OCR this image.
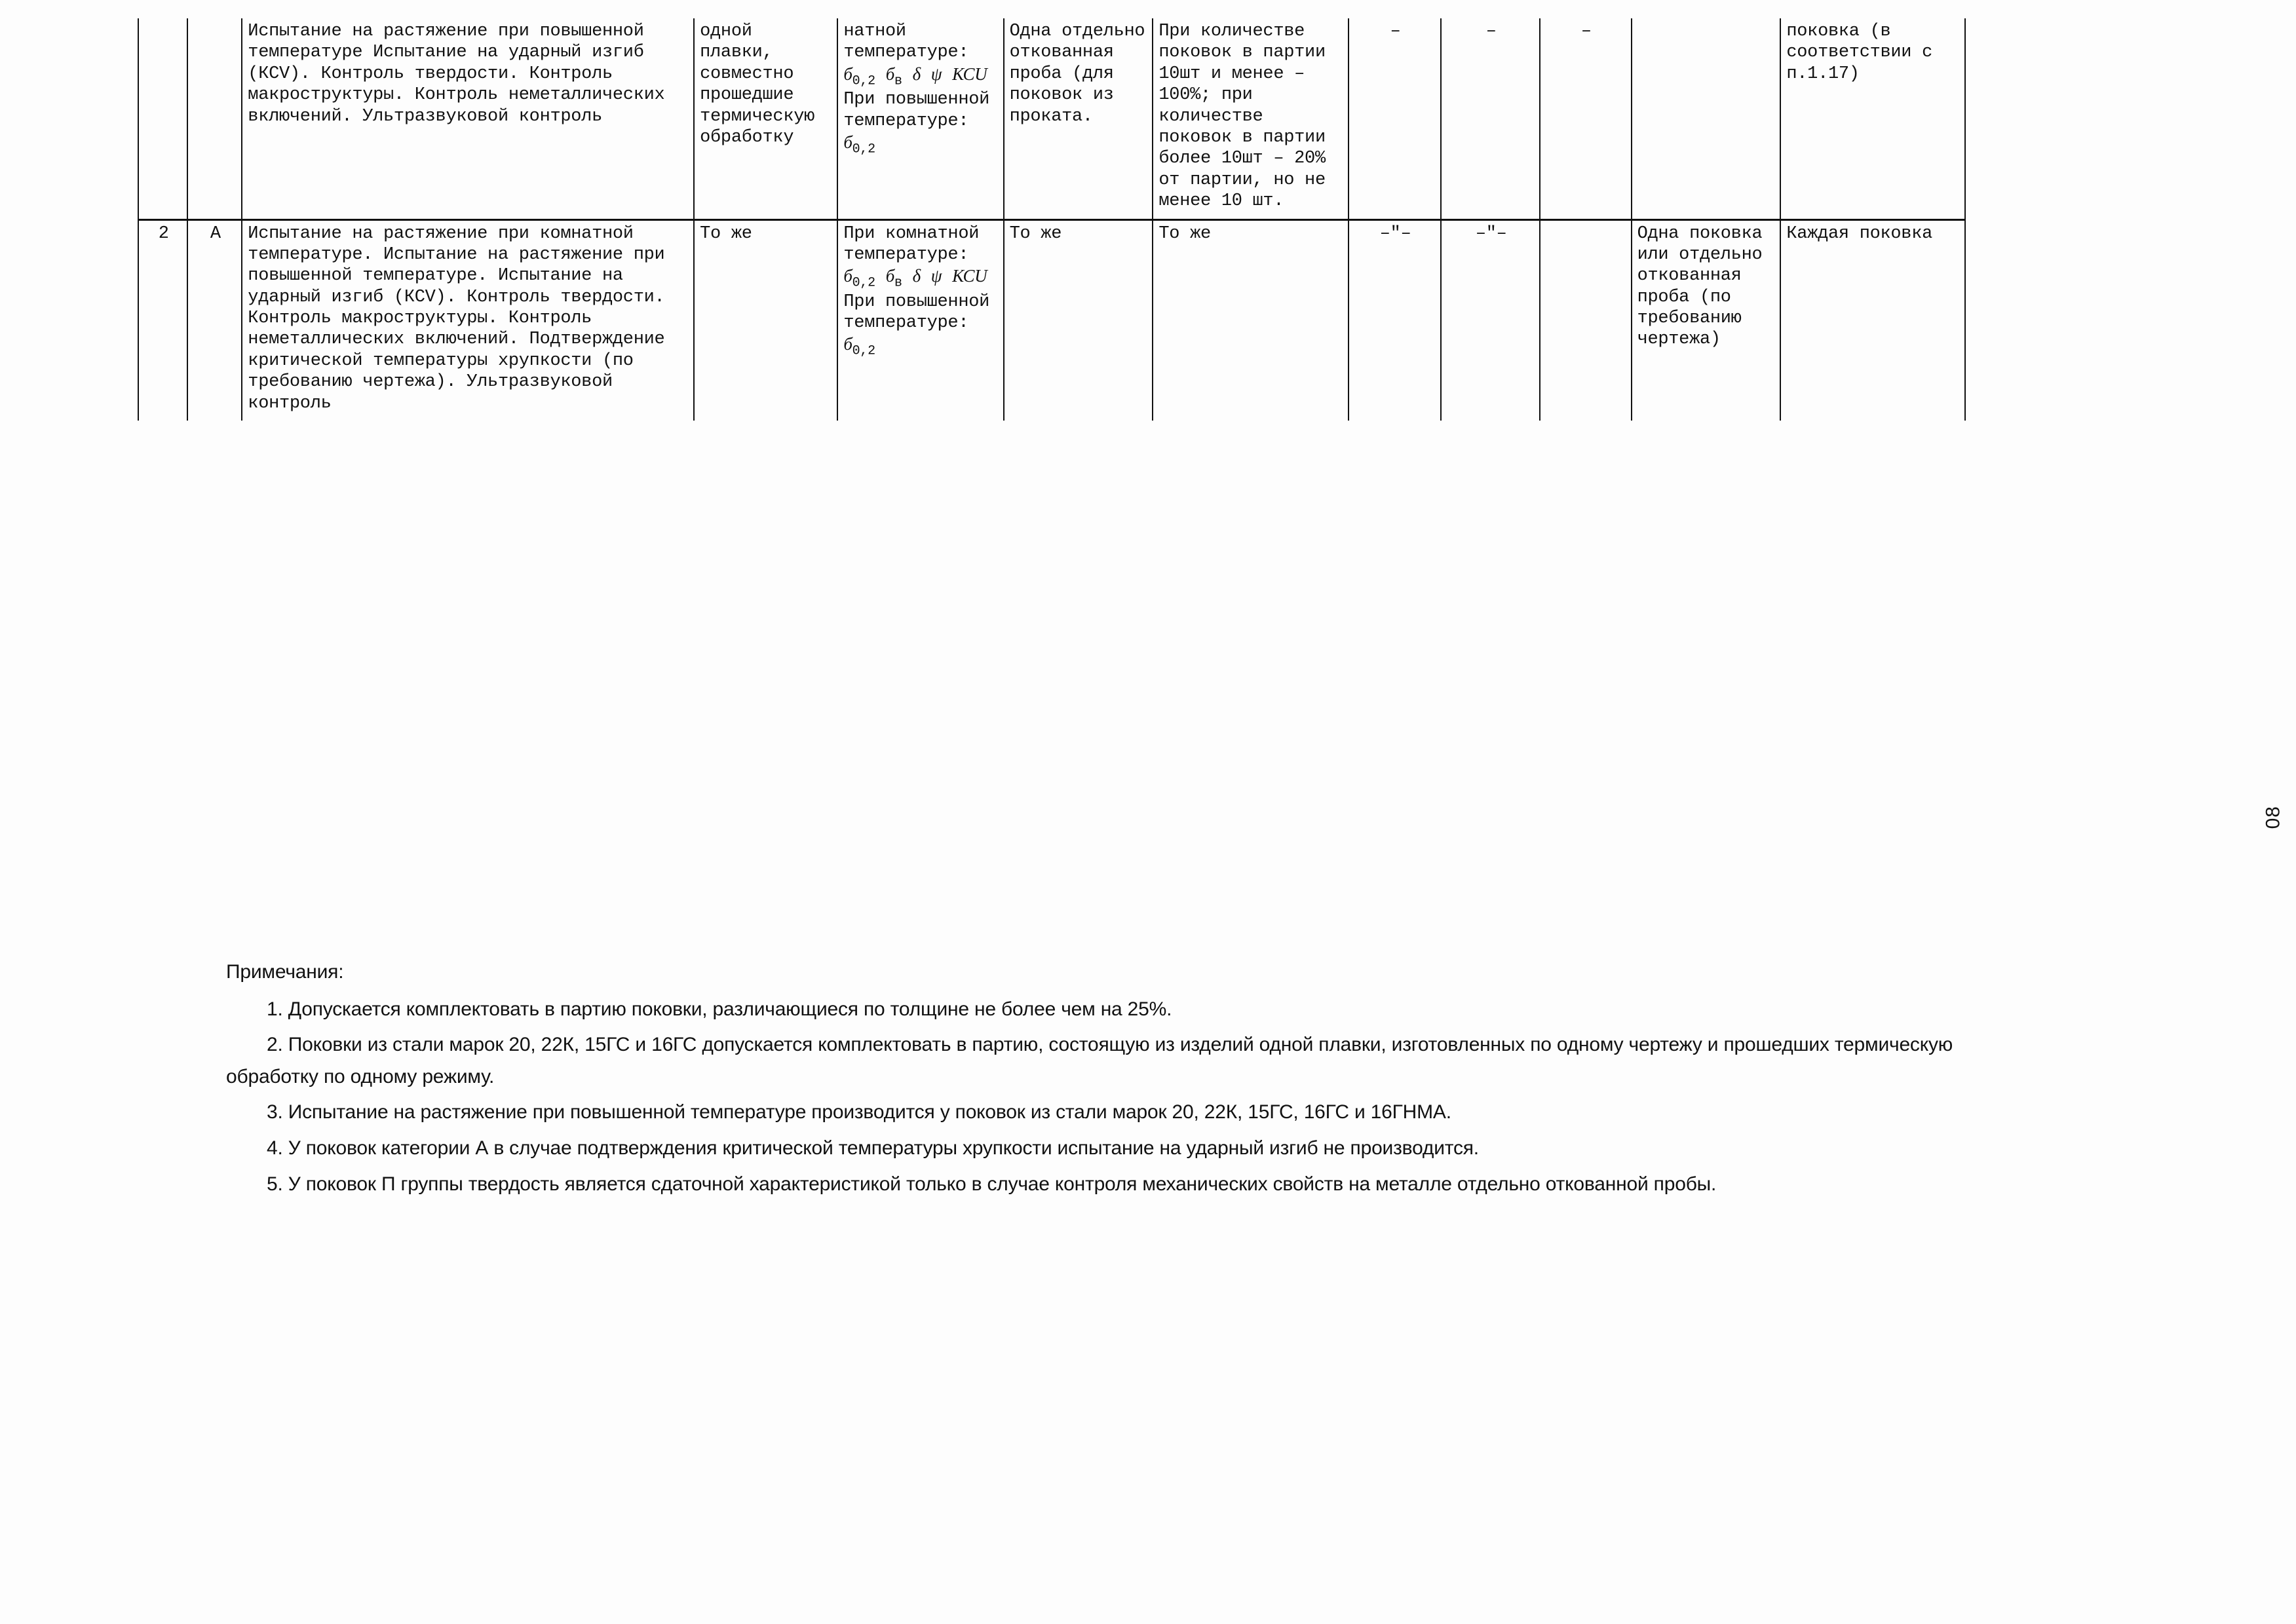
		Испытание на растяжение при повышенной температуре Испытание на ударный изгиб (КСV). Контроль твердости. Контроль макроструктуры. Контроль неметаллических включений. Ультразвуковой контроль	одной плавки, совместно прошедшие термическую обработку	натной температуре: $б_{0,2}$ $б_в$ δ ψ КСU При повышенной температуре: $б_{0,2}$	Одна отдельно откованная проба (для поковок из проката.	При количестве поковок в партии 10шт и менее – 100%; при количестве поковок в партии более 10шт – 20% от партии, но не менее 10 шт.	–	–	–		поковка (в соответствии с п.1.17)
2	А	Испытание на растяжение при комнатной температуре. Испытание на растяжение при повышенной температуре. Испытание на ударный изгиб (КСV). Контроль твердости. Контроль макроструктуры. Контроль неметаллических включений. Подтверждение критической температуры хрупкости (по требованию чертежа). Ультразвуковой контроль	То же	При комнатной температуре: $б_{0,2}$ $б_в$ δ ψ КСU При повышенной температуре: $б_{0,2}$	То же	То же	–"–	–"–		Одна поковка или отдельно откованная проба (по требованию чертежа)	Каждая поковка

Примечания:

1. Допускается комплектовать в партию поковки, различающиеся по толщине не более чем на 25%.

2. Поковки из стали марок 20, 22К, 15ГС и 16ГС допускается комплектовать в партию, состоящую из изделий одной плавки, изготовленных по одному чертежу и прошедших термическую обработку по одному режиму.

3. Испытание на растяжение при повышенной температуре производится у поковок из стали марок 20, 22К, 15ГС, 16ГС и 16ГНМА.

4. У поковок категории А в случае подтверждения критической температуры хрупкости испытание на ударный изгиб не производится.

5. У поковок П группы твердость является сдаточной характеристикой только в случае контроля механических свойств на металле отдельно откованной пробы.

08
